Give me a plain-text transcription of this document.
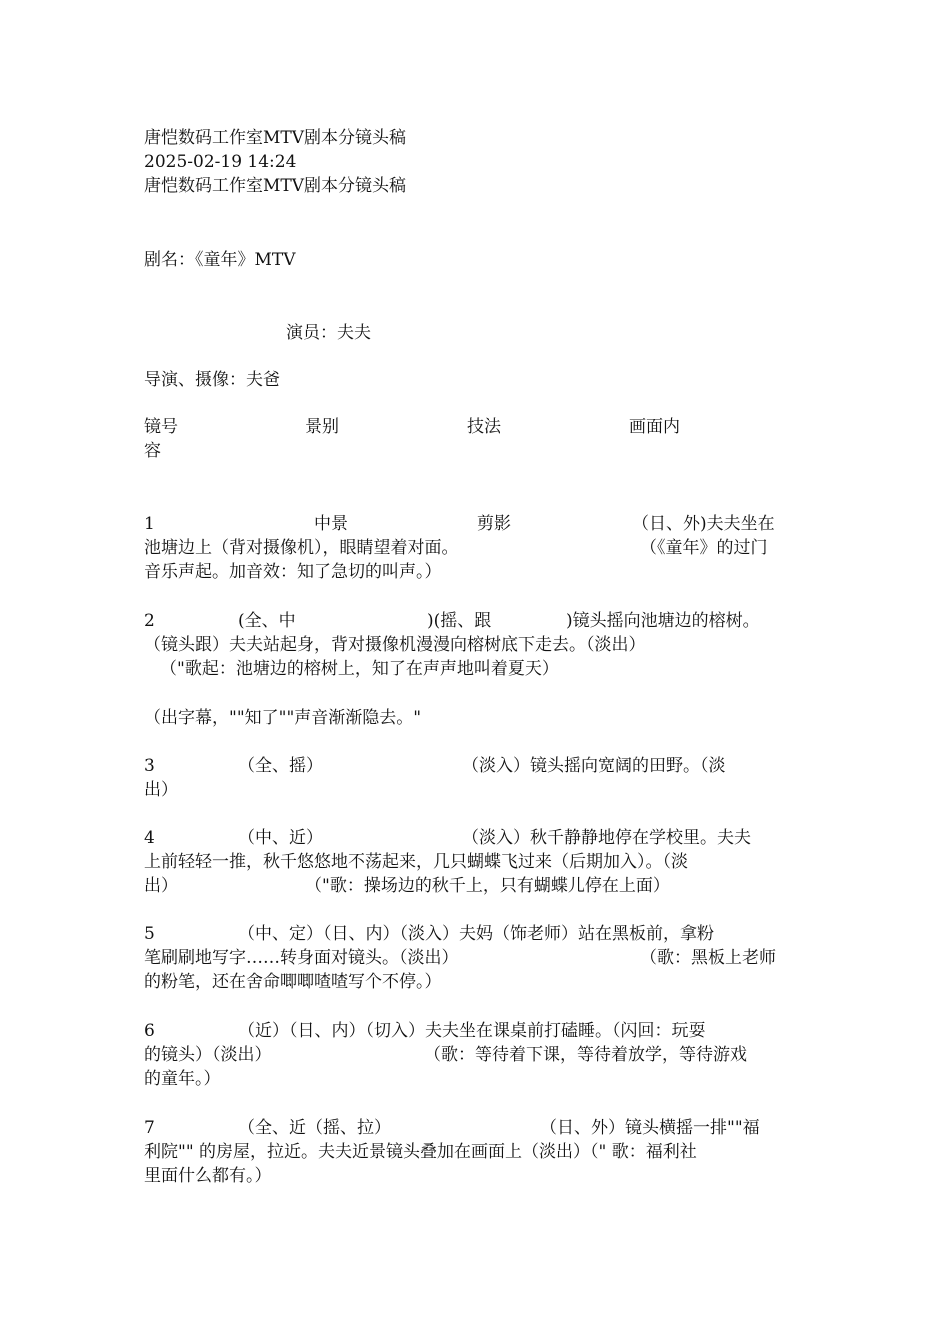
唐恺数码工作室MTV剧本分镜头稿
2025-02-19 14:24
唐恺数码工作室MTV剧本分镜头稿
剧名：《童年》MTV
演员：夫夫
导演、摄像：夫爸
镜号	景别	技法	画面内
容
1	中景	剪影	（日、外)夫夫坐在
池塘边上（背对摄像机），眼睛望着对面。	（《童年》的过门
音乐声起。加音效：知了急切的叫声。）
2	(全、中	)(摇、跟	)镜头摇向池塘边的榕树。
（镜头跟）夫夫站起身，背对摄像机漫漫向榕树底下走去。（淡出）
（"歌起：池塘边的榕树上，知了在声声地叫着夏天）
（出字幕，""知了""声音渐渐隐去。"
3	（全、摇）	（淡入）镜头摇向宽阔的田野。（淡
出）
4	（中、近）	（淡入）秋千静静地停在学校里。夫夫
上前轻轻一推，秋千悠悠地不荡起来，几只蝴蝶飞过来（后期加入）。（淡
出）	（"歌：操场边的秋千上，只有蝴蝶儿停在上面）
5	（中、定）（日、内）（淡入）夫妈（饰老师）站在黑板前，拿粉
笔刷刷地写字……转身面对镜头。（淡出）	（歌：黑板上老师
的粉笔，还在舍命唧唧喳喳写个不停。）
6	（近）（日、内）（切入）夫夫坐在课桌前打磕睡。（闪回：玩耍
的镜头）（淡出）	（歌：等待着下课，等待着放学，等待游戏
的童年。）
7	（全、近（摇、拉）	（日、外）镜头横摇一排""福
利院"" 的房屋，拉近。夫夫近景镜头叠加在画面上（淡出）（" 歌：福利社
里面什么都有。）
